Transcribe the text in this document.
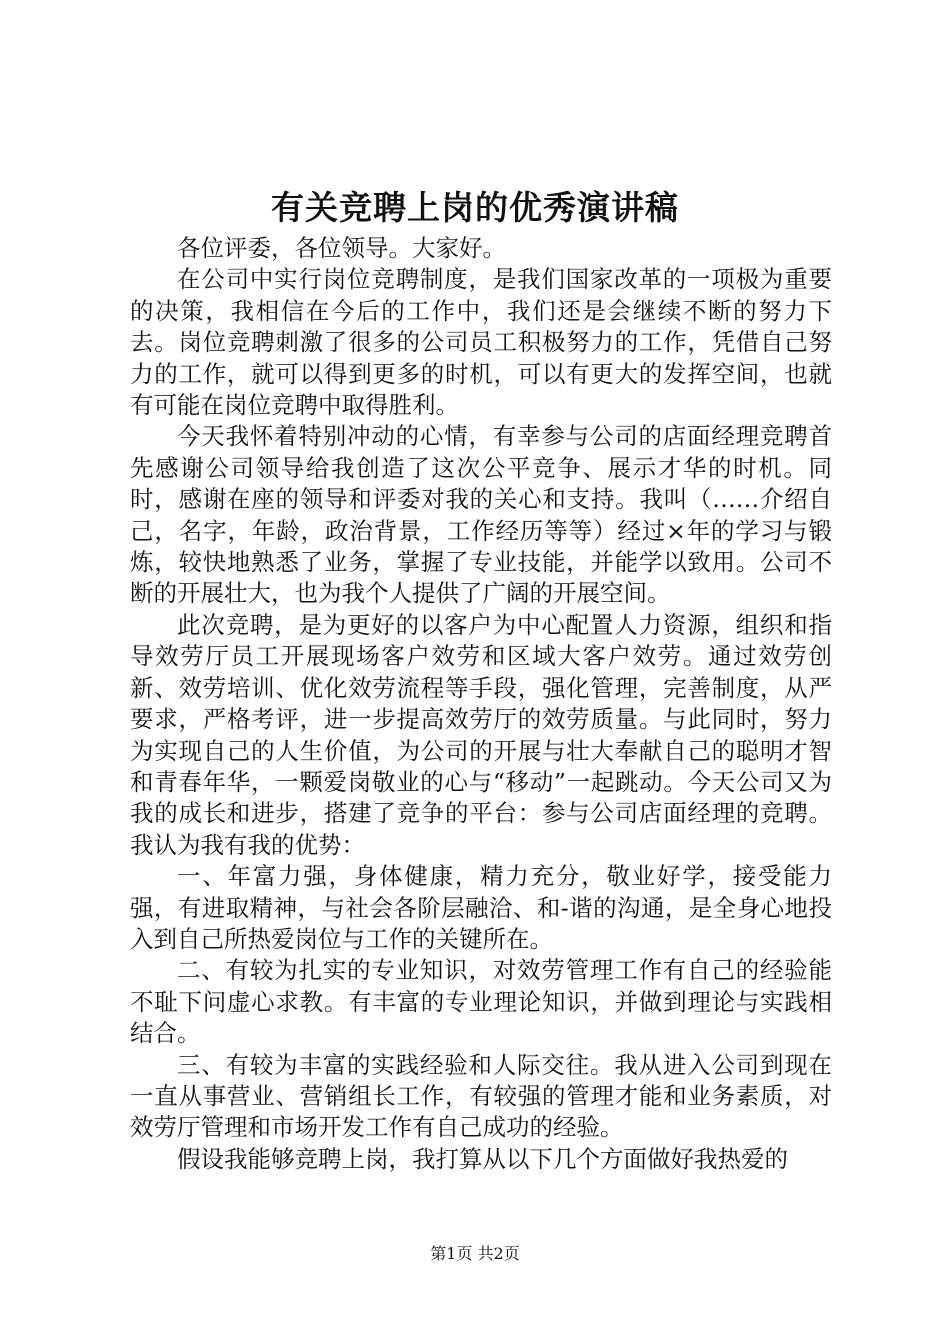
有关竞聘上岗的优秀演讲稿

各位评委，各位领导。大家好。

在公司中实行岗位竞聘制度，是我们国家改革的一项极为重要的决策，我相信在今后的工作中，我们还是会继续不断的努力下去。岗位竞聘刺激了很多的公司员工积极努力的工作，凭借自己努力的工作，就可以得到更多的时机，可以有更大的发挥空间，也就有可能在岗位竞聘中取得胜利。

今天我怀着特别冲动的心情，有幸参与公司的店面经理竞聘首先感谢公司领导给我创造了这次公平竞争、展示才华的时机。同时，感谢在座的领导和评委对我的关心和支持。我叫（……介绍自己，名字，年龄，政治背景，工作经历等等）经过×年的学习与锻炼，较快地熟悉了业务，掌握了专业技能，并能学以致用。公司不断的开展壮大，也为我个人提供了广阔的开展空间。

此次竞聘，是为更好的以客户为中心配置人力资源，组织和指导效劳厅员工开展现场客户效劳和区域大客户效劳。通过效劳创新、效劳培训、优化效劳流程等手段，强化管理，完善制度，从严要求，严格考评，进一步提高效劳厅的效劳质量。与此同时，努力为实现自己的人生价值，为公司的开展与壮大奉献自己的聪明才智和青春年华，一颗爱岗敬业的心与“移动”一起跳动。今天公司又为我的成长和进步，搭建了竞争的平台：参与公司店面经理的竞聘。我认为我有我的优势：

一、年富力强，身体健康，精力充分，敬业好学，接受能力强，有进取精神，与社会各阶层融洽、和-谐的沟通，是全身心地投入到自己所热爱岗位与工作的关键所在。

二、有较为扎实的专业知识，对效劳管理工作有自己的经验能不耻下问虚心求教。有丰富的专业理论知识，并做到理论与实践相结合。

三、有较为丰富的实践经验和人际交往。我从进入公司到现在一直从事营业、营销组长工作，有较强的管理才能和业务素质，对效劳厅管理和市场开发工作有自己成功的经验。

假设我能够竞聘上岗，我打算从以下几个方面做好我热爱的

第1页 共2页
